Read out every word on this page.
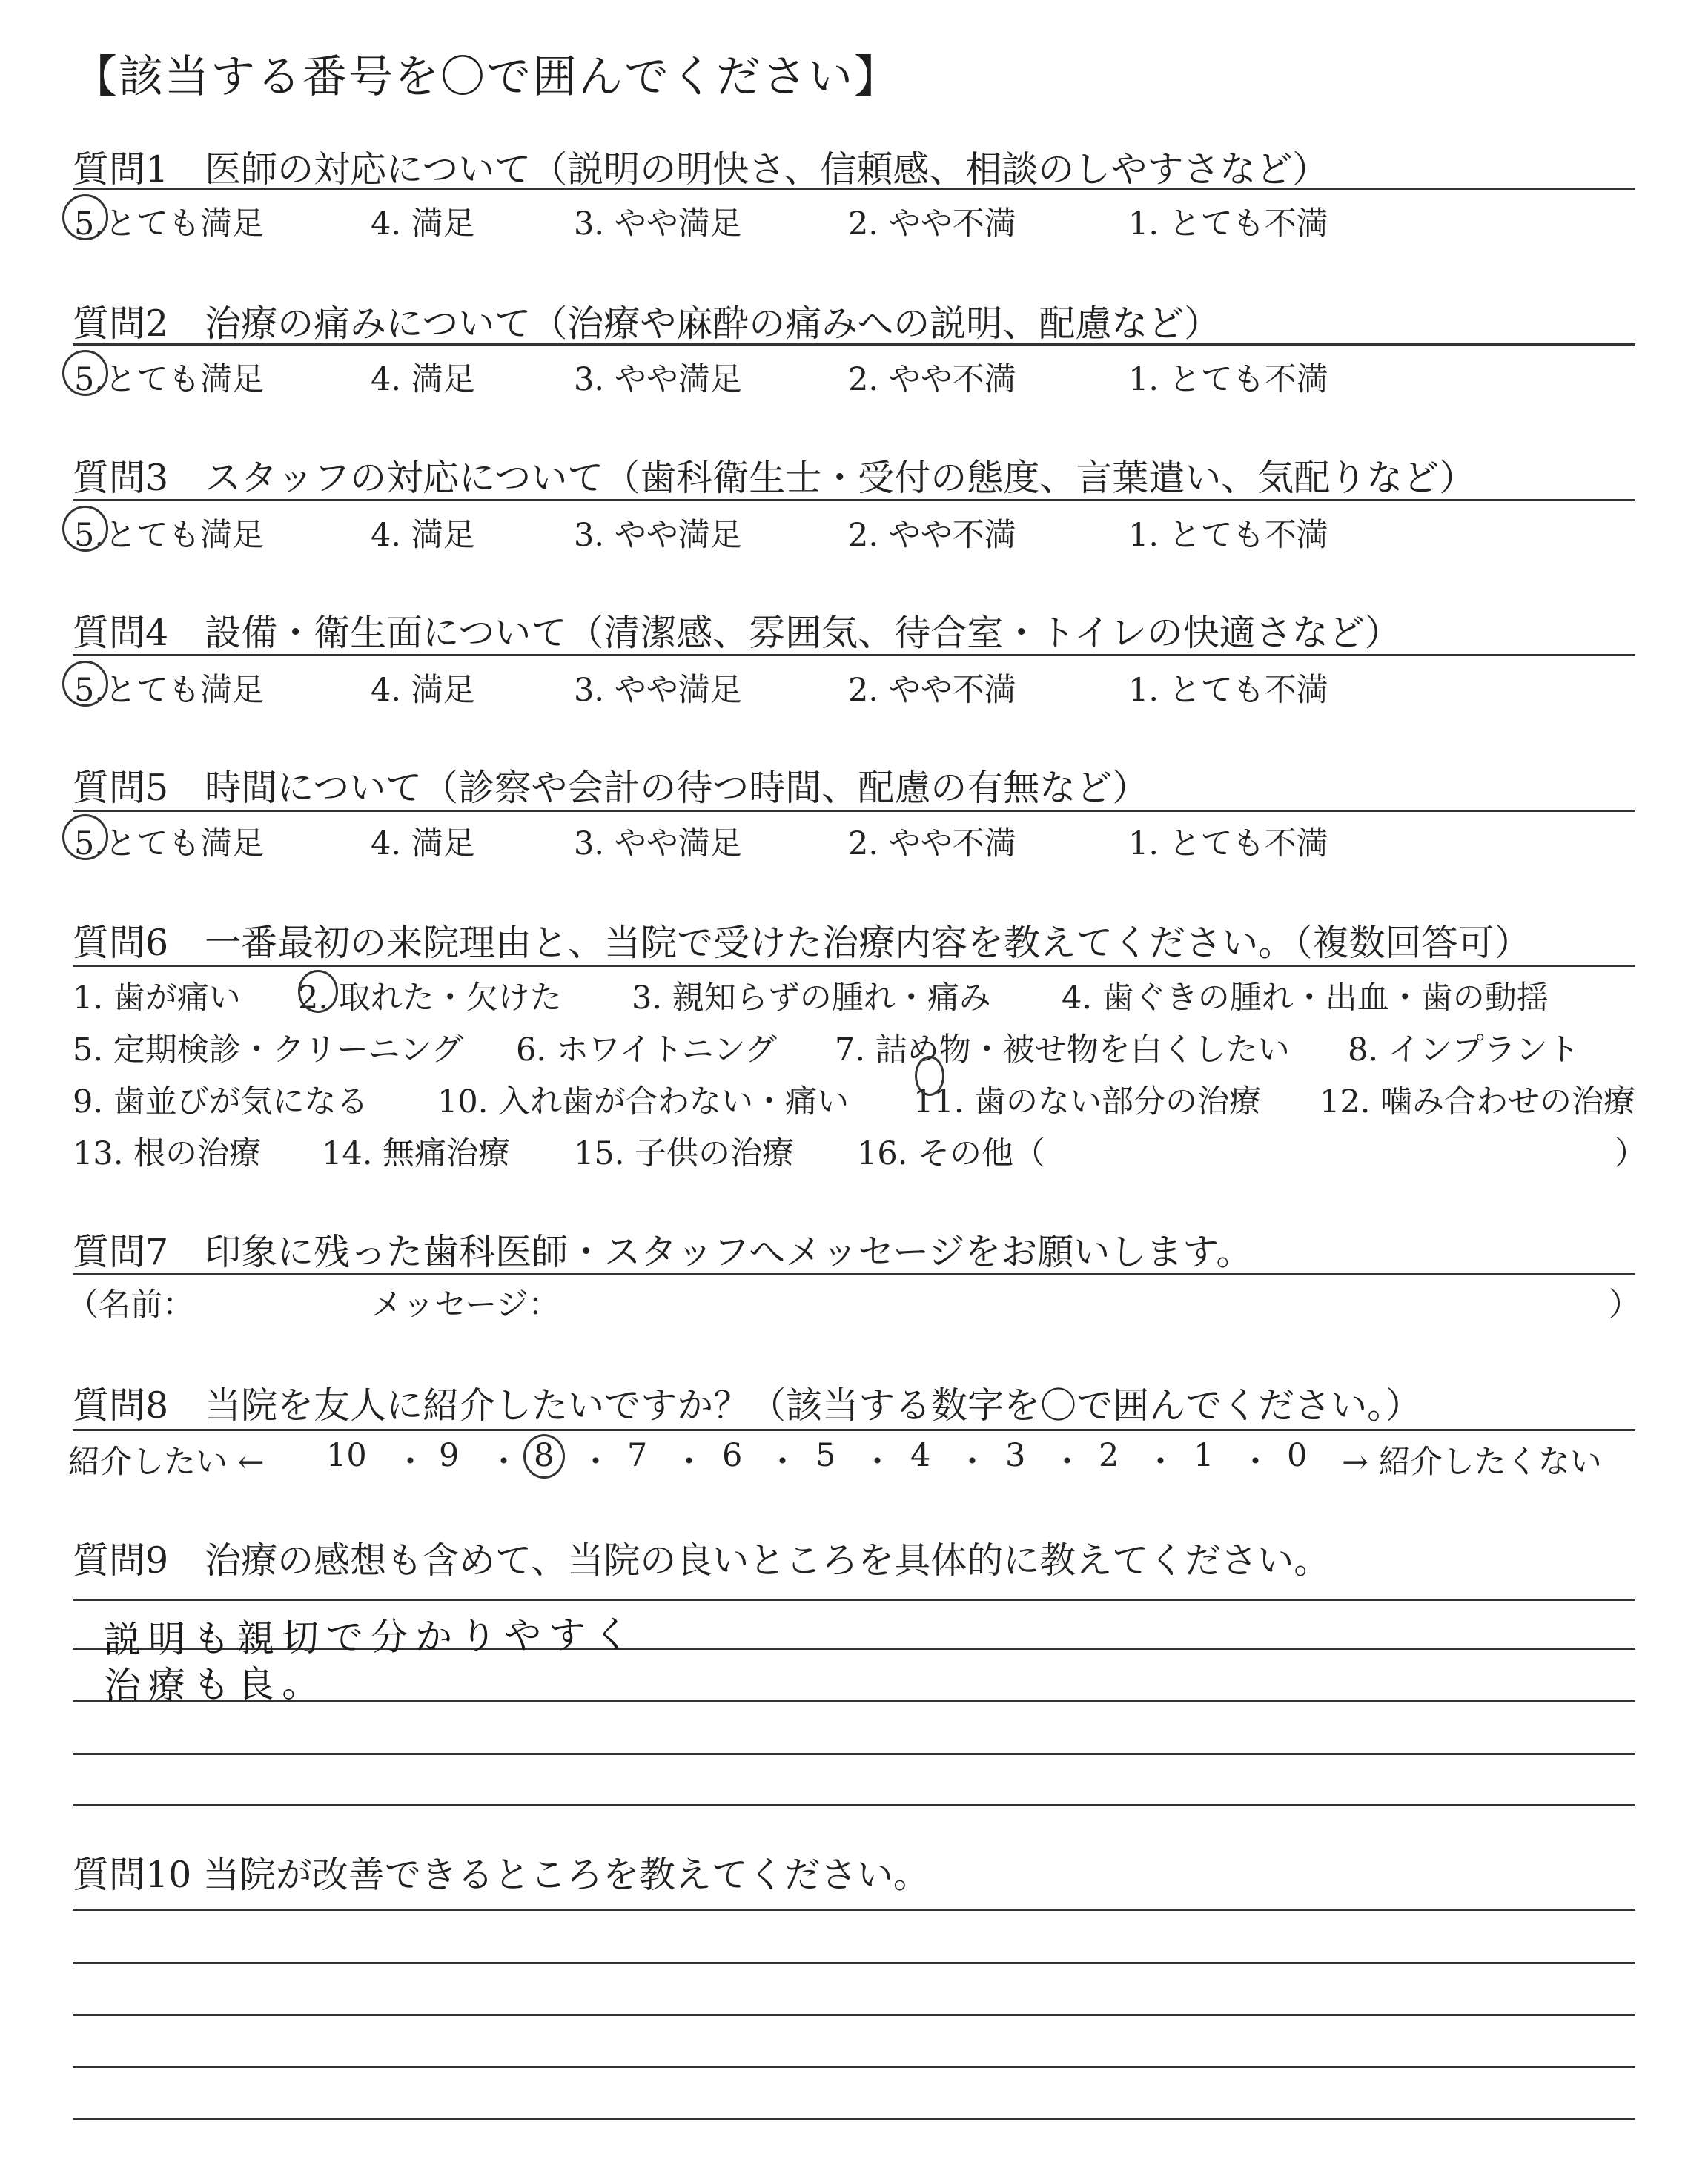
【該当する番号を〇で囲んでください】
質問1　医師の対応について（説明の明快さ、信頼感、相談のしやすさなど）
5.とても満足	4. 満足	3. やや満足	2. やや不満	1. とても不満
質問2　治療の痛みについて（治療や麻酔の痛みへの説明、配慮など）
5.とても満足	4. 満足	3. やや満足	2. やや不満	1. とても不満
質問3　スタッフの対応について（歯科衛生士・受付の態度、言葉遣い、気配りなど）
5.とても満足	4. 満足	3. やや満足	2. やや不満	1. とても不満
質問4　設備・衛生面について（清潔感、雰囲気、待合室・トイレの快適さなど）
5.とても満足	4. 満足	3. やや満足	2. やや不満	1. とても不満
質問5　時間について（診察や会計の待つ時間、配慮の有無など）
5.とても満足	4. 満足	3. やや満足	2. やや不満	1. とても不満
質問6　一番最初の来院理由と、当院で受けた治療内容を教えてください。（複数回答可）
1. 歯が痛い 2. 取れた・欠けた 3. 親知らずの腫れ・痛み 4. 歯ぐきの腫れ・出血・歯の動揺
5. 定期検診・クリーニング 6. ホワイトニング 7. 詰め物・被せ物を白くしたい 8. インプラント
9. 歯並びが気になる 10. 入れ歯が合わない・痛い 11. 歯のない部分の治療 12. 噛み合わせの治療
13. 根の治療 14. 無痛治療 15. 子供の治療 16. その他（	）
質問7　印象に残った歯科医師・スタッフへメッセージをお願いします。
（名前：	メッセージ：	）
質問8　当院を友人に紹介したいですか？（該当する数字を〇で囲んでください。）
紹介したい ← 10 ・ 9 ・ 8 ・ 7 ・ 6 ・ 5 ・ 4 ・ 3 ・ 2 ・ 1 ・ 0 → 紹介したくない
質問9　治療の感想も含めて、当院の良いところを具体的に教えてください。
説明も親切で分かりやすく
治療も良。
質問10 当院が改善できるところを教えてください。
